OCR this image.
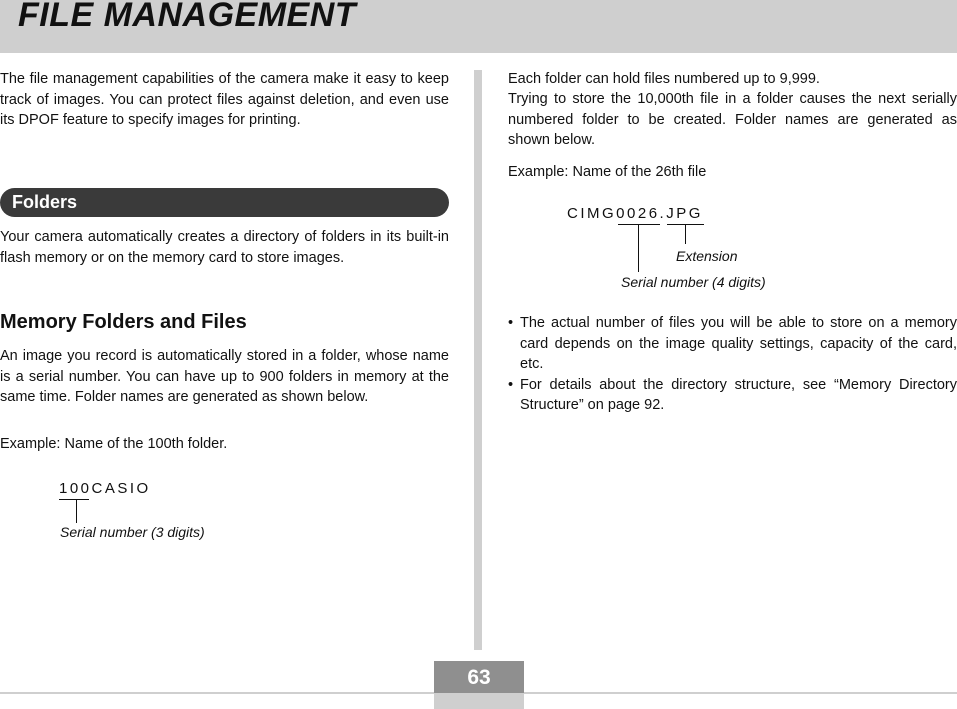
FILE MANAGEMENT

The file management capabilities of the camera make it easy to keep track of images. You can protect files against deletion, and even use its DPOF feature to specify images for printing.

Folders

Your camera automatically creates a directory of folders in its built-in flash memory or on the memory card to store images.

Memory Folders and Files

An image you record is automatically stored in a folder, whose name is a serial number. You can have up to 900 folders in memory at the same time. Folder names are generated as shown below.

Example: Name of the 100th folder.

100CASIO
Serial number (3 digits)

Each folder can hold files numbered up to 9,999.

Trying to store the 10,000th file in a folder causes the next serially numbered folder to be created. Folder names are generated as shown below.

Example: Name of the 26th file

CIMG0026.JPG
Extension
Serial number (4 digits)
• The actual number of files you will be able to store on a memory card depends on the image quality settings, capacity of the card, etc.
• For details about the directory structure, see “Memory Directory Structure” on page 92.
63
